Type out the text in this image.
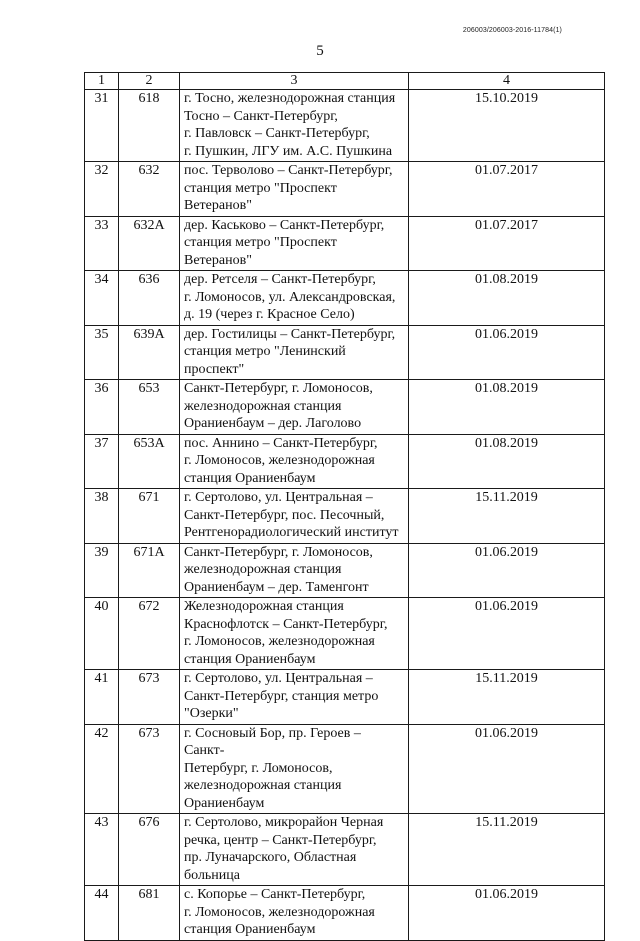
206003/206003-2016-11784(1)
5
1	2	3	4
31	618	г. Тосно, железнодорожная станция
Тосно – Санкт-Петербург,
г. Павловск – Санкт-Петербург,
г. Пушкин, ЛГУ им. А.С. Пушкина	15.10.2019
32	632	пос. Терволово – Санкт-Петербург,
станция метро "Проспект Ветеранов"	01.07.2017
33	632А	дер. Каськово – Санкт-Петербург,
станция метро "Проспект Ветеранов"	01.07.2017
34	636	дер. Ретселя – Санкт-Петербург,
г. Ломоносов, ул. Александровская,
д. 19 (через г. Красное Село)	01.08.2019
35	639А	дер. Гостилицы – Санкт-Петербург,
станция метро "Ленинский проспект"	01.06.2019
36	653	Санкт-Петербург, г. Ломоносов,
железнодорожная станция
Ораниенбаум – дер. Лаголово	01.08.2019
37	653А	пос. Аннино – Санкт-Петербург,
г. Ломоносов, железнодорожная
станция Ораниенбаум	01.08.2019
38	671	г. Сертолово, ул. Центральная –
Санкт-Петербург, пос. Песочный,
Рентгенорадиологический институт	15.11.2019
39	671А	Санкт-Петербург, г. Ломоносов,
железнодорожная станция
Ораниенбаум – дер. Таменгонт	01.06.2019
40	672	Железнодорожная станция
Краснофлотск – Санкт-Петербург,
г. Ломоносов, железнодорожная
станция Ораниенбаум	01.06.2019
41	673	г. Сертолово, ул. Центральная –
Санкт-Петербург, станция метро
"Озерки"	15.11.2019
42	673	г. Сосновый Бор, пр. Героев – Санкт-
Петербург, г. Ломоносов,
железнодорожная станция
Ораниенбаум	01.06.2019
43	676	г. Сертолово, микрорайон Черная
речка, центр – Санкт-Петербург,
пр. Луначарского, Областная больница	15.11.2019
44	681	с. Копорье – Санкт-Петербург,
г. Ломоносов, железнодорожная
станция Ораниенбаум	01.06.2019
